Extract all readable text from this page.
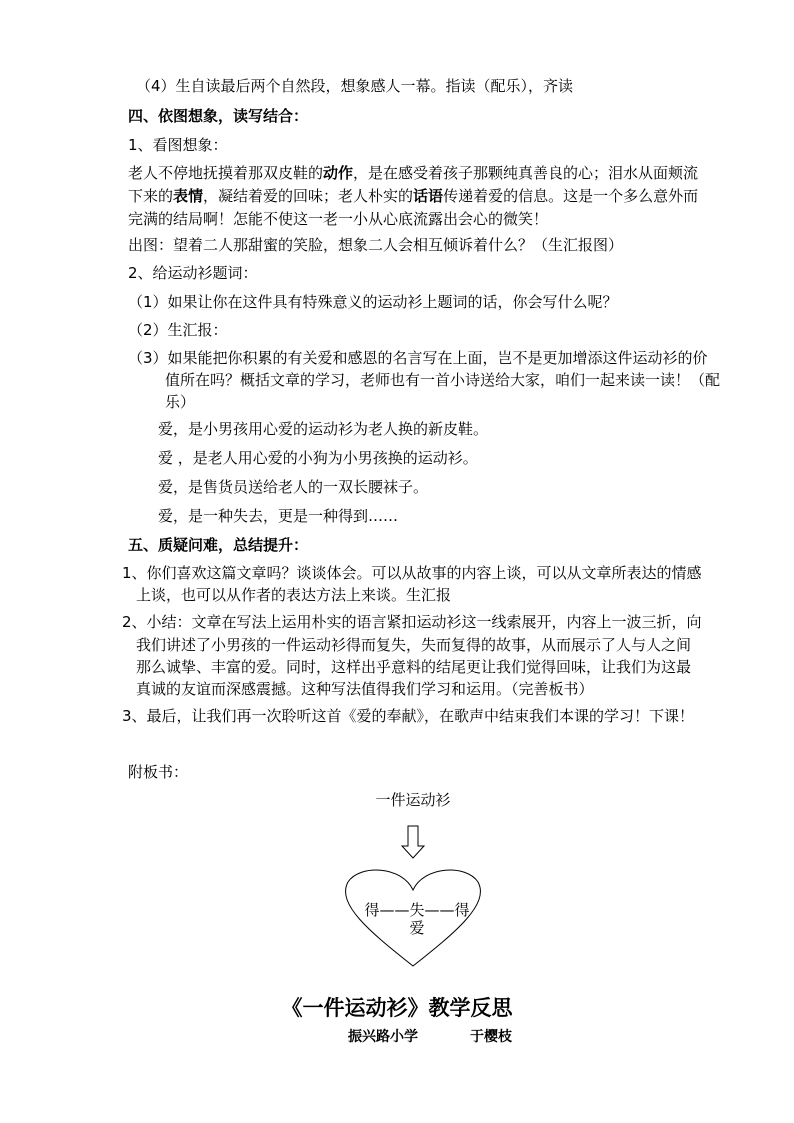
（4）生自读最后两个自然段，想象感人一幕。指读（配乐），齐读
四、依图想象，读写结合：
1、看图想象：
老人不停地抚摸着那双皮鞋的动作，是在感受着孩子那颗纯真善良的心；泪水从面颊流
下来的表情，凝结着爱的回味；老人朴实的话语传递着爱的信息。这是一个多么意外而
完满的结局啊！怎能不使这一老一小从心底流露出会心的微笑！
出图：望着二人那甜蜜的笑脸，想象二人会相互倾诉着什么？（生汇报图）
2、给运动衫题词：
（1）如果让你在这件具有特殊意义的运动衫上题词的话，你会写什么呢？
（2）生汇报：
（3）如果能把你积累的有关爱和感恩的名言写在上面，岂不是更加增添这件运动衫的价
值所在吗？概括文章的学习，老师也有一首小诗送给大家，咱们一起来读一读！（配
乐）
爱，是小男孩用心爱的运动衫为老人换的新皮鞋。
爱 ，是老人用心爱的小狗为小男孩换的运动衫。
爱，是售货员送给老人的一双长腰袜子。
爱，是一种失去，更是一种得到……
五、质疑问难，总结提升：
1、你们喜欢这篇文章吗？谈谈体会。可以从故事的内容上谈，可以从文章所表达的情感
上谈，也可以从作者的表达方法上来谈。生汇报
2、小结：文章在写法上运用朴实的语言紧扣运动衫这一线索展开，内容上一波三折，向
我们讲述了小男孩的一件运动衫得而复失，失而复得的故事，从而展示了人与人之间
那么诚挚、丰富的爱。同时，这样出乎意料的结尾更让我们觉得回味，让我们为这最
真诚的友谊而深感震撼。这种写法值得我们学习和运用。（完善板书）
3、最后，让我们再一次聆听这首《爱的奉献》，在歌声中结束我们本课的学习！下课！
附板书：
一件运动衫
得——失——得
爱
《一件运动衫》教学反思
振兴路小学	于樱枝
